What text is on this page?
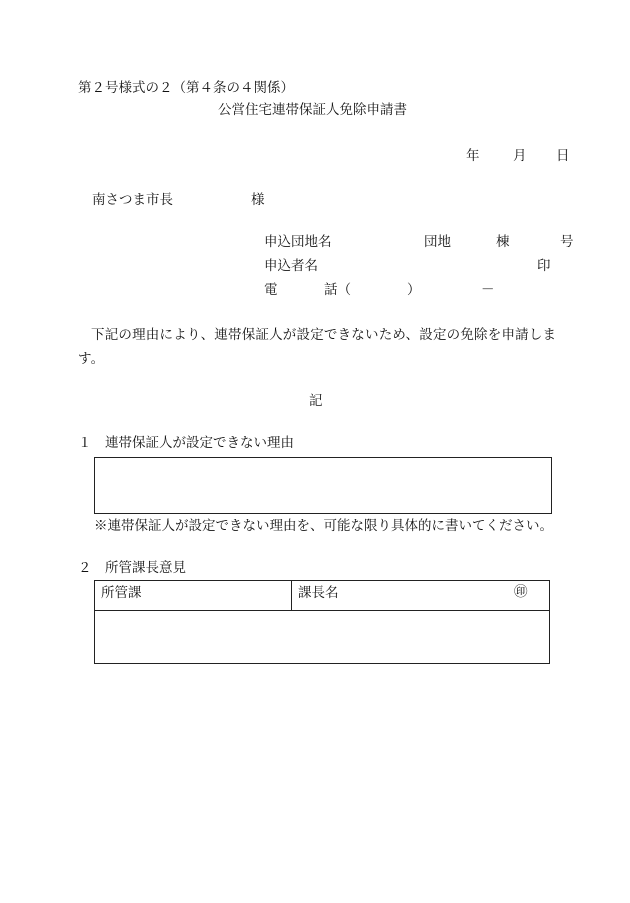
第２号様式の２（第４条の４関係）
公営住宅連帯保証人免除申請書
年 月 日
南さつま市長	様
申込団地名	団地	棟	号
申込者名	印
電	話（	）	－
下記の理由により、連帯保証人が設定できないため、設定の免除を申請します。
記
１　連帯保証人が設定できない理由
※連帯保証人が設定できない理由を、可能な限り具体的に書いてください。
２　所管課長意見
所管課	課長名	㊞
